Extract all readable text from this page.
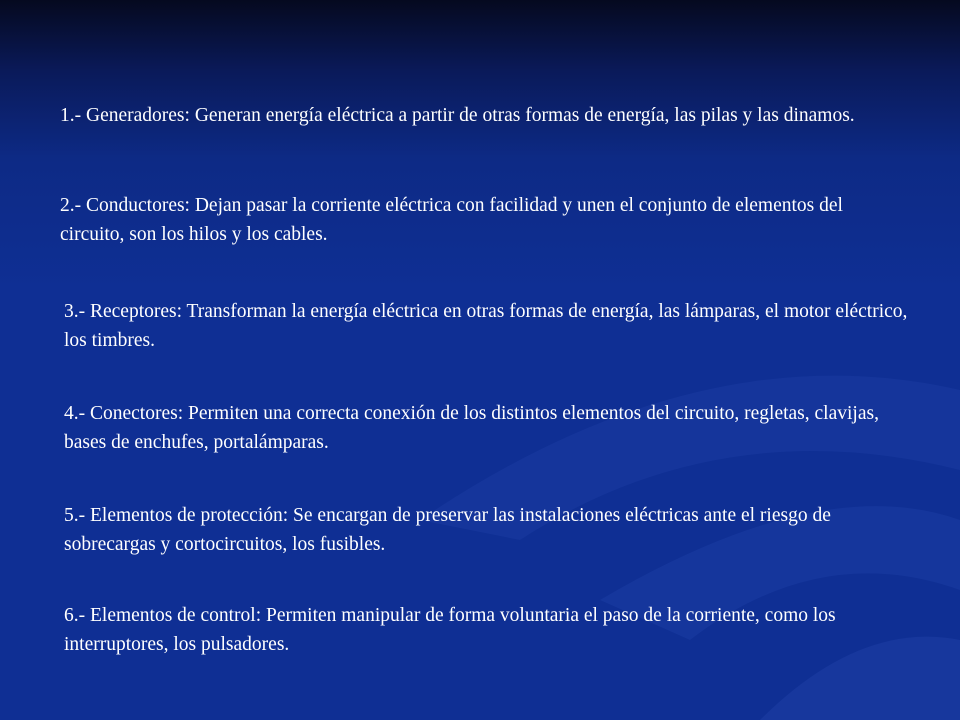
1.- Generadores: Generan energía eléctrica a partir de otras formas de energía, las pilas y las dinamos.

2.- Conductores: Dejan pasar la corriente eléctrica con facilidad y unen el conjunto de elementos del circuito, son los hilos y los cables.

3.- Receptores: Transforman la energía eléctrica en otras formas de energía, las lámparas, el motor eléctrico, los timbres.

4.- Conectores: Permiten una correcta conexión de los distintos elementos del circuito, regletas, clavijas, bases de enchufes, portalámparas.

5.- Elementos de protección: Se encargan de preservar las instalaciones eléctricas ante el riesgo de sobrecargas y cortocircuitos, los fusibles.

6.- Elementos de control: Permiten manipular de forma voluntaria el paso de la corriente, como los interruptores, los pulsadores.
